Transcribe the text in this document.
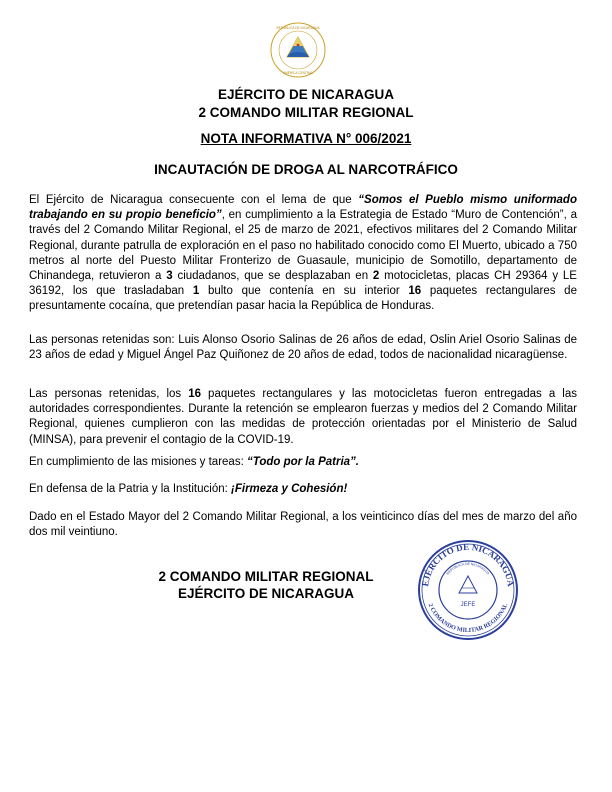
REPÚBLICA DE NICARAGUA
AMÉRICA CENTRAL
EJÉRCITO DE NICARAGUA
2 COMANDO MILITAR REGIONAL
NOTA INFORMATIVA N° 006/2021
INCAUTACIÓN DE DROGA AL NARCOTRÁFICO

El Ejército de Nicaragua consecuente con el lema de que “Somos el Pueblo mismo uniformado trabajando en su propio beneficio”, en cumplimiento a la Estrategia de Estado “Muro de Contención”, a través del 2 Comando Militar Regional, el 25 de marzo de 2021, efectivos militares del 2 Comando Militar Regional, durante patrulla de exploración en el paso no habilitado conocido como El Muerto, ubicado a 750 metros al norte del Puesto Militar Fronterizo de Guasaule, municipio de Somotillo, departamento de Chinandega, retuvieron a 3 ciudadanos, que se desplazaban en 2 motocicletas, placas CH 29364 y LE 36192, los que trasladaban 1 bulto que contenía en su interior 16 paquetes rectangulares de presuntamente cocaína, que pretendían pasar hacia la República de Honduras.

Las personas retenidas son: Luis Alonso Osorio Salinas de 26 años de edad, Oslin Ariel Osorio Salinas de 23 años de edad y Miguel Ángel Paz Quiñonez de 20 años de edad, todos de nacionalidad nicaragüense.

Las personas retenidas, los 16 paquetes rectangulares y las motocicletas fueron entregadas a las autoridades correspondientes. Durante la retención se emplearon fuerzas y medios del 2 Comando Militar Regional, quienes cumplieron con las medidas de protección orientadas por el Ministerio de Salud (MINSA), para prevenir el contagio de la COVID-19.

En cumplimiento de las misiones y tareas: “Todo por la Patria”.

En defensa de la Patria y la Institución: ¡Firmeza y Cohesión!

Dado en el Estado Mayor del 2 Comando Militar Regional, a los veinticinco días del mes de marzo del año dos mil veintiuno.

2 COMANDO MILITAR REGIONAL
EJÉRCITO DE NICARAGUA
EJÉRCITO DE NICARAGUA
2 COMANDO MILITAR REGIONAL
REPÚBLICA DE NICARAGUA
JEFE
